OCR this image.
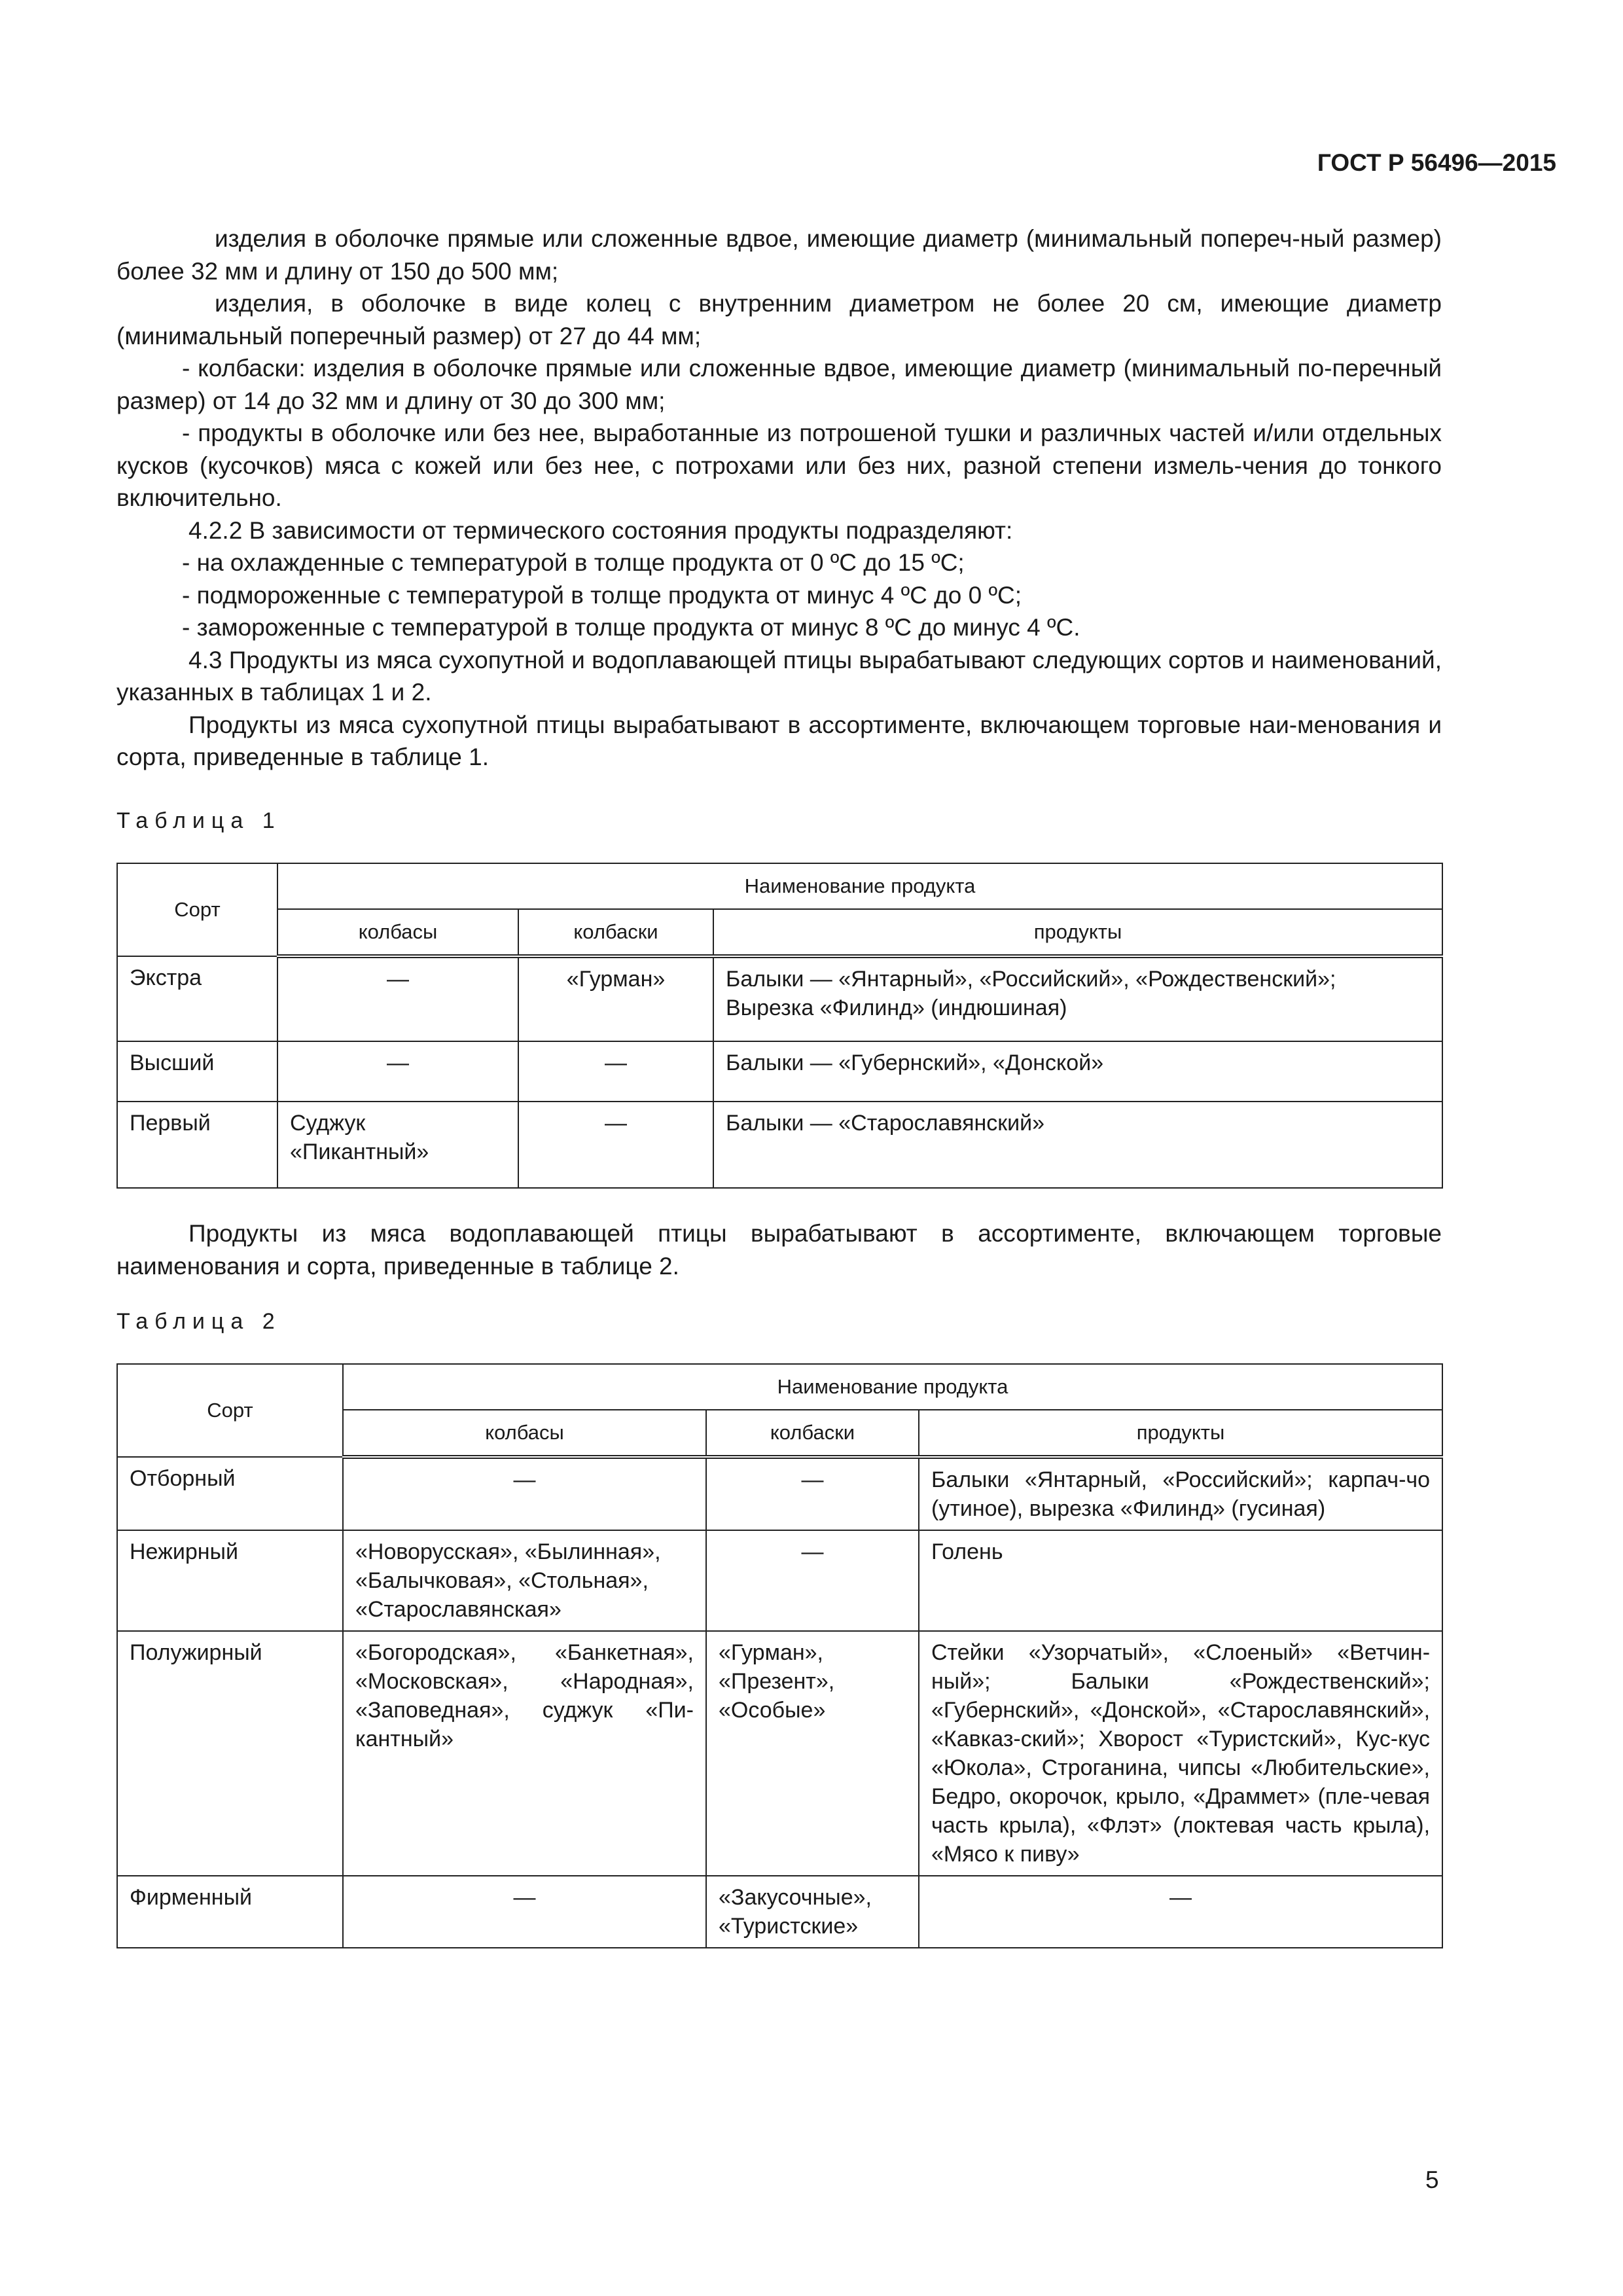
ГОСТ Р 56496—2015

изделия в оболочке прямые или сложенные вдвое, имеющие диаметр (минимальный попереч-ный размер) более 32 мм и длину от 150 до 500 мм;

изделия, в оболочке в виде колец с внутренним диаметром не более 20 см, имеющие диаметр (минимальный поперечный размер) от 27 до 44 мм;

- колбаски: изделия в оболочке прямые или сложенные вдвое, имеющие диаметр (минимальный по-перечный размер) от 14 до 32 мм и длину от 30 до 300 мм;

- продукты в оболочке или без нее, выработанные из потрошеной тушки и различных частей и/или отдельных кусков (кусочков) мяса с кожей или без нее, с потрохами или без них, разной степени измель-чения до тонкого включительно.

4.2.2 В зависимости от термического состояния продукты подразделяют:

- на охлажденные с температурой в толще продукта от 0 ºС до 15 ºС;

- подмороженные с температурой в толще продукта от минус 4 ºС до 0 ºС;

- замороженные с температурой в толще продукта от минус 8 ºС до минус 4 ºС.

4.3 Продукты из мяса сухопутной и водоплавающей птицы вырабатывают следующих сортов и наименований, указанных в таблицах 1 и 2.

Продукты из мяса сухопутной птицы вырабатывают в ассортименте, включающем торговые наи-менования и сорта, приведенные в таблице 1.

Таблица 1
Сорт	Наименование продукта		
	колбасы	колбаски	продукты
Экстра	—	«Гурман»	Балыки — «Янтарный», «Российский», «Рождественский»; Вырезка «Филинд» (индюшиная)
Высший	—	—	Балыки — «Губернский», «Донской»
Первый	Суджук «Пикантный»	—	Балыки — «Старославянский»

Продукты из мяса водоплавающей птицы вырабатывают в ассортименте, включающем торговые наименования и сорта, приведенные в таблице 2.

Таблица 2
Сорт	Наименование продукта		
	колбасы	колбаски	продукты
Отборный	—	—	Балыки «Янтарный, «Российский»; карпач-чо (утиное), вырезка «Филинд» (гусиная)
Нежирный	«Новорусская», «Былинная», «Балычковая», «Стольная», «Старославянская»	—	Голень
Полужирный	«Богородская», «Банкетная», «Московская», «Народная», «Заповедная», суджук «Пи-кантный»	«Гурман», «Презент», «Особые»	Стейки «Узорчатый», «Слоеный» «Ветчин-ный»; Балыки «Рождественский»; «Губернский», «Донской», «Старославянский», «Кавказ-ский»; Хворост «Туристский», Кус-кус «Юкола», Строганина, чипсы «Любительские», Бедро, окорочок, крыло, «Драммет» (пле-чевая часть крыла), «Флэт» (локтевая часть крыла), «Мясо к пиву»
Фирменный	—	«Закусочные», «Туристские»	—
5
